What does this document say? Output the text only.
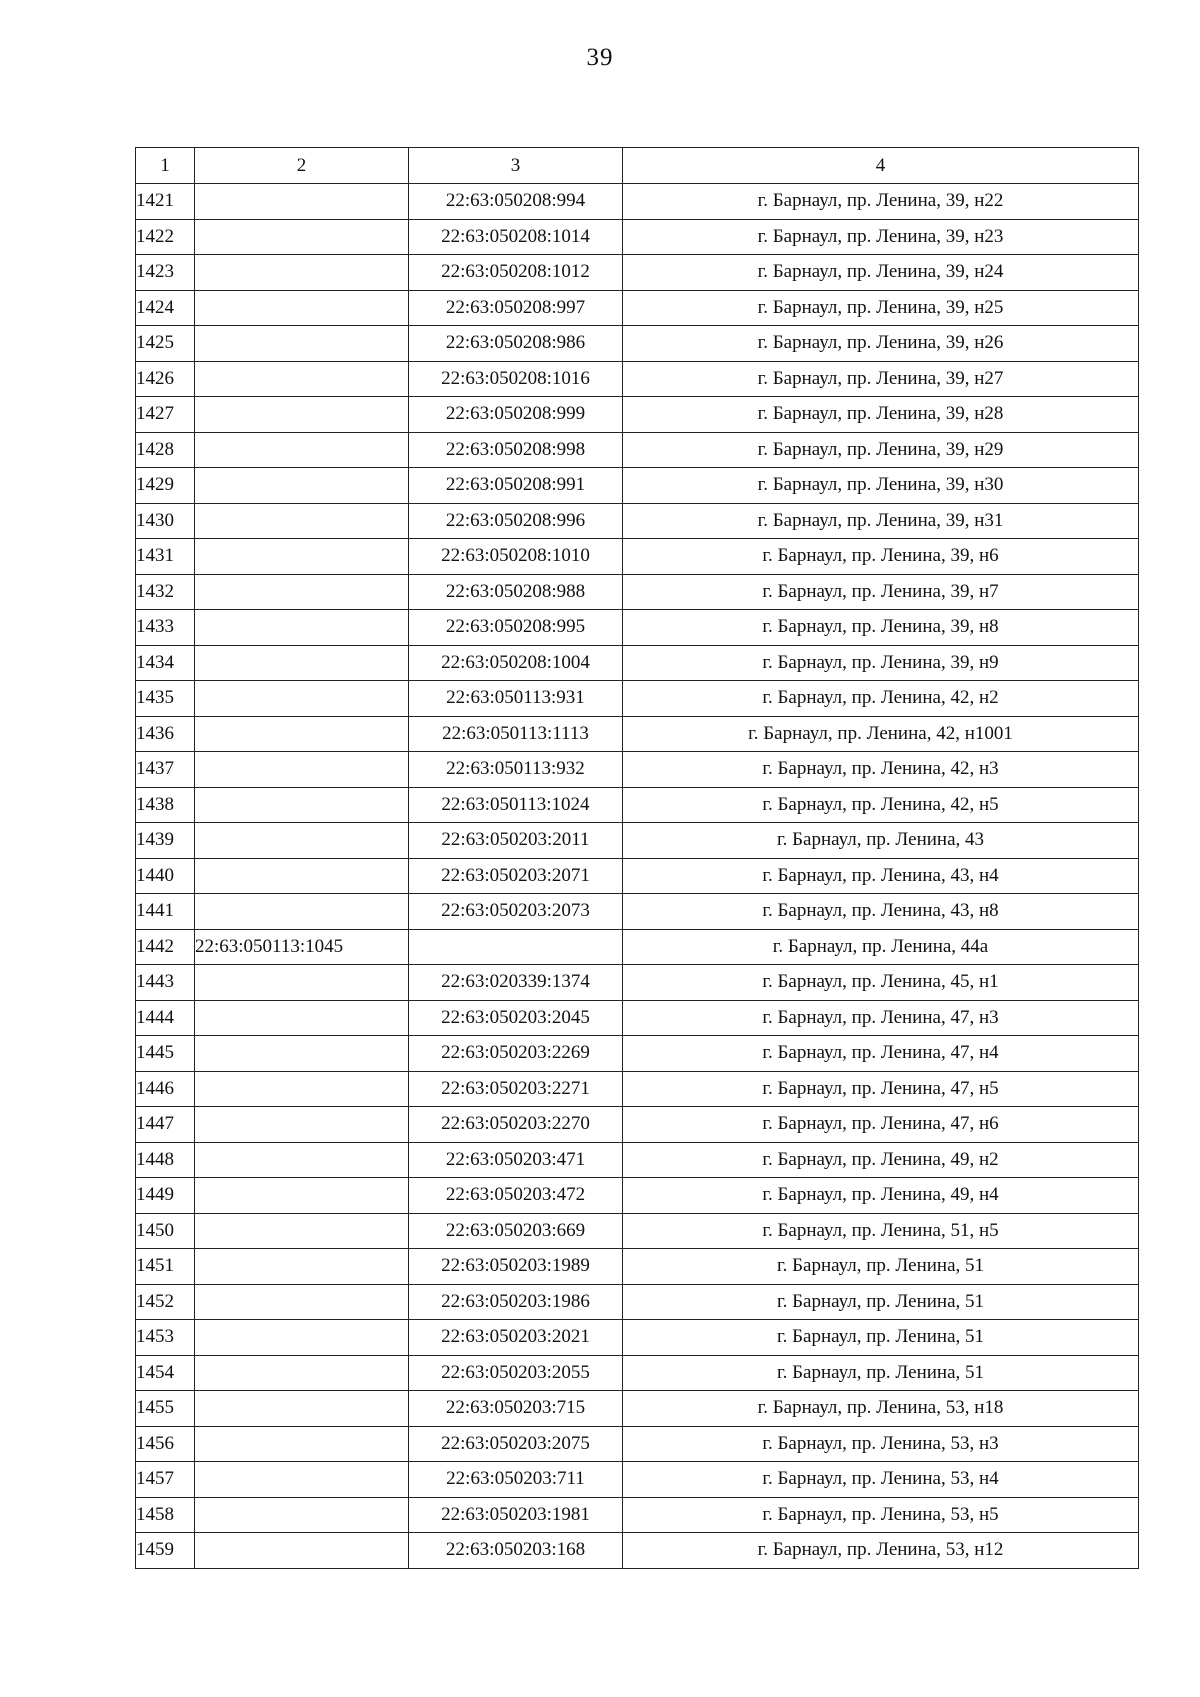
39
1	2	3	4
1421		22:63:050208:994	г. Барнаул, пр. Ленина, 39, н22
1422		22:63:050208:1014	г. Барнаул, пр. Ленина, 39, н23
1423		22:63:050208:1012	г. Барнаул, пр. Ленина, 39, н24
1424		22:63:050208:997	г. Барнаул, пр. Ленина, 39, н25
1425		22:63:050208:986	г. Барнаул, пр. Ленина, 39, н26
1426		22:63:050208:1016	г. Барнаул, пр. Ленина, 39, н27
1427		22:63:050208:999	г. Барнаул, пр. Ленина, 39, н28
1428		22:63:050208:998	г. Барнаул, пр. Ленина, 39, н29
1429		22:63:050208:991	г. Барнаул, пр. Ленина, 39, н30
1430		22:63:050208:996	г. Барнаул, пр. Ленина, 39, н31
1431		22:63:050208:1010	г. Барнаул, пр. Ленина, 39, н6
1432		22:63:050208:988	г. Барнаул, пр. Ленина, 39, н7
1433		22:63:050208:995	г. Барнаул, пр. Ленина, 39, н8
1434		22:63:050208:1004	г. Барнаул, пр. Ленина, 39, н9
1435		22:63:050113:931	г. Барнаул, пр. Ленина, 42, н2
1436		22:63:050113:1113	г. Барнаул, пр. Ленина, 42, н1001
1437		22:63:050113:932	г. Барнаул, пр. Ленина, 42, н3
1438		22:63:050113:1024	г. Барнаул, пр. Ленина, 42, н5
1439		22:63:050203:2011	г. Барнаул, пр. Ленина, 43
1440		22:63:050203:2071	г. Барнаул, пр. Ленина, 43, н4
1441		22:63:050203:2073	г. Барнаул, пр. Ленина, 43, н8
1442	22:63:050113:1045		г. Барнаул, пр. Ленина, 44а
1443		22:63:020339:1374	г. Барнаул, пр. Ленина, 45, н1
1444		22:63:050203:2045	г. Барнаул, пр. Ленина, 47, н3
1445		22:63:050203:2269	г. Барнаул, пр. Ленина, 47, н4
1446		22:63:050203:2271	г. Барнаул, пр. Ленина, 47, н5
1447		22:63:050203:2270	г. Барнаул, пр. Ленина, 47, н6
1448		22:63:050203:471	г. Барнаул, пр. Ленина, 49, н2
1449		22:63:050203:472	г. Барнаул, пр. Ленина, 49, н4
1450		22:63:050203:669	г. Барнаул, пр. Ленина, 51, н5
1451		22:63:050203:1989	г. Барнаул, пр. Ленина, 51
1452		22:63:050203:1986	г. Барнаул, пр. Ленина, 51
1453		22:63:050203:2021	г. Барнаул, пр. Ленина, 51
1454		22:63:050203:2055	г. Барнаул, пр. Ленина, 51
1455		22:63:050203:715	г. Барнаул, пр. Ленина, 53, н18
1456		22:63:050203:2075	г. Барнаул, пр. Ленина, 53, н3
1457		22:63:050203:711	г. Барнаул, пр. Ленина, 53, н4
1458		22:63:050203:1981	г. Барнаул, пр. Ленина, 53, н5
1459		22:63:050203:168	г. Барнаул, пр. Ленина, 53, н12
